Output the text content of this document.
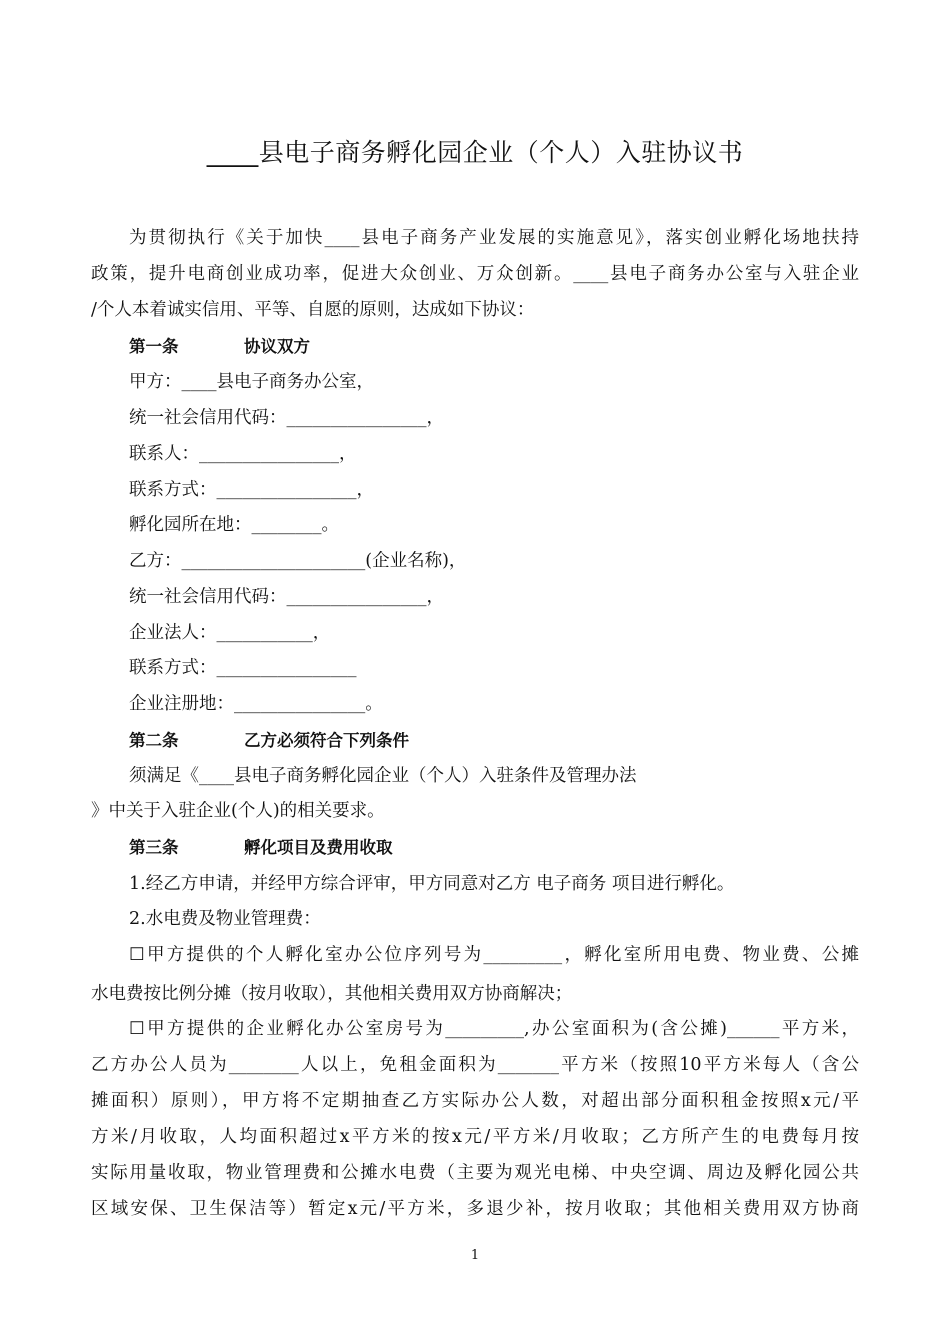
____县电子商务孵化园企业（个人）入驻协议书
为贯彻执行《关于加快____县电子商务产业发展的实施意见》，落实创业孵化场地扶持
政策，提升电商创业成功率，促进大众创业、万众创新。____县电子商务办公室与入驻企业
/个人本着诚实信用、平等、自愿的原则，达成如下协议：
第一条	协议双方
甲方：____县电子商务办公室，
统一社会信用代码：________________，
联系人：________________，
联系方式：________________，
孵化园所在地：________。
乙方：_____________________(企业名称)，
统一社会信用代码：________________，
企业法人：___________，
联系方式：________________
企业注册地：_______________。
第二条	乙方必须符合下列条件
须满足《____县电子商务孵化园企业（个人）入驻条件及管理办法
》中关于入驻企业(个人)的相关要求。
第三条	孵化项目及费用收取
1.经乙方申请，并经甲方综合评审，甲方同意对乙方 电子商务 项目进行孵化。
2.水电费及物业管理费：
☐甲方提供的个人孵化室办公位序列号为_________，孵化室所用电费、物业费、公摊
水电费按比例分摊（按月收取），其他相关费用双方协商解决；
☐甲方提供的企业孵化办公室房号为_________,办公室面积为(含公摊)______平方米，
乙方办公人员为________人以上，免租金面积为_______平方米（按照10平方米每人（含公
摊面积）原则），甲方将不定期抽查乙方实际办公人数，对超出部分面积租金按照x元/平
方米/月收取，人均面积超过x平方米的按x元/平方米/月收取；乙方所产生的电费每月按
实际用量收取，物业管理费和公摊水电费（主要为观光电梯、中央空调、周边及孵化园公共
区域安保、卫生保洁等）暂定x元/平方米，多退少补，按月收取；其他相关费用双方协商
1
